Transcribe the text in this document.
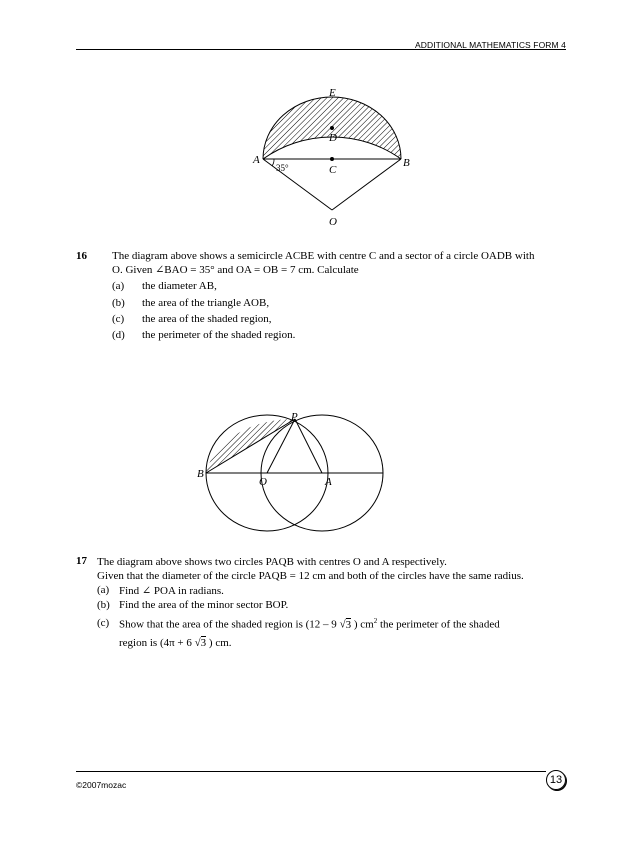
ADDITIONAL MATHEMATICS FORM 4
E
D
A	B
C
O
35°
16 The diagram above shows a semicircle ACBE with centre C and a sector of a circle OADB with
O. Given ∠BAO = 35° and OA = OB = 7 cm. Calculate
(a) the diameter AB,
(b) the area of the triangle AOB,
(c) the area of the shaded region,
(d) the perimeter of the shaded region.
P
B
O	A
17 The diagram above shows two circles PAQB with centres O and A respectively.
Given that the diameter of the circle PAQB = 12 cm and both of the circles have the same radius.
(a) Find ∠ POA in radians.
(b) Find the area of the minor sector BOP.
(c) Show that the area of the shaded region is (12 – 9 √3 ) $cm^2$ the perimeter of the shaded
region is (4π + 6 √3 ) cm.
©2007mozac	13
